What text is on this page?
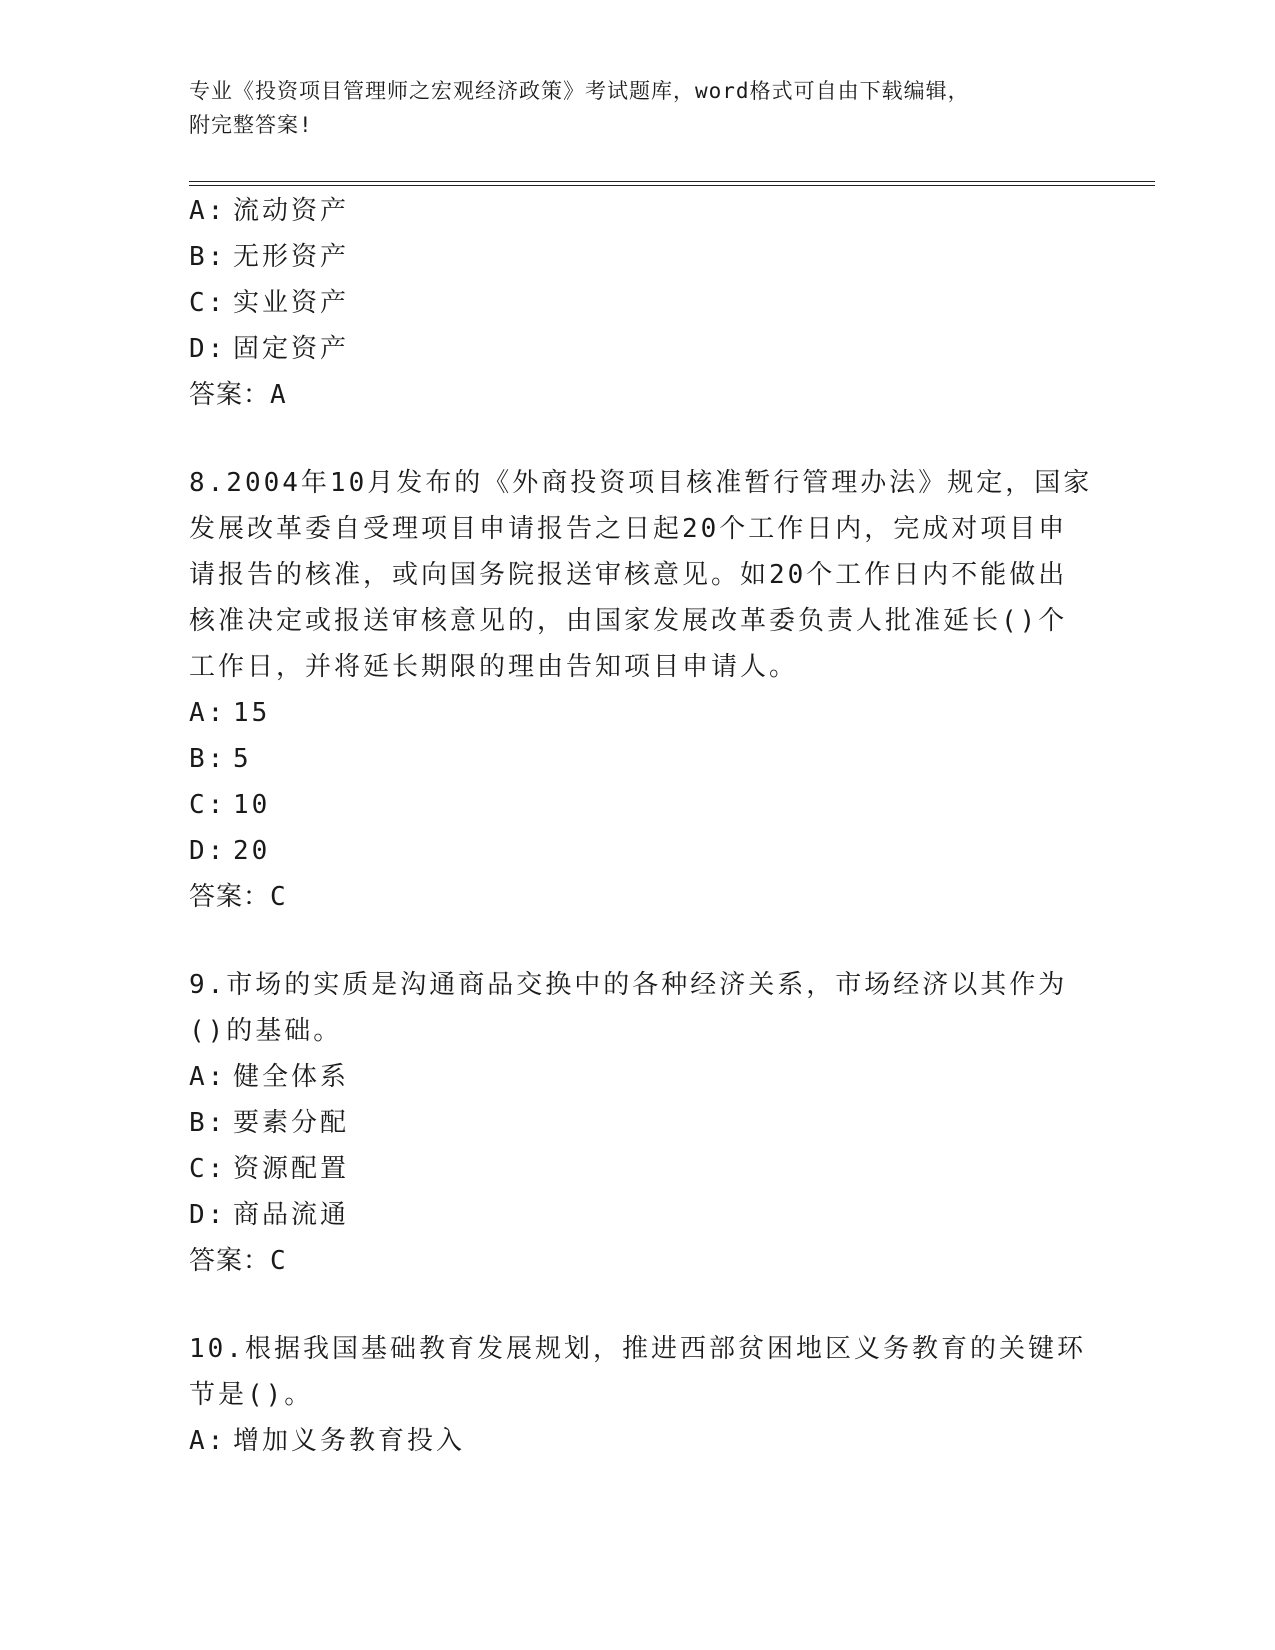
专业《投资项目管理师之宏观经济政策》考试题库，word格式可自由下载编辑，
附完整答案!
A: 流动资产
B: 无形资产
C: 实业资产
D: 固定资产
答案：A
8.2004年10月发布的《外商投资项目核准暂行管理办法》规定，国家
发展改革委自受理项目申请报告之日起20个工作日内，完成对项目申
请报告的核准，或向国务院报送审核意见。如20个工作日内不能做出
核准决定或报送审核意见的，由国家发展改革委负责人批准延长()个
工作日，并将延长期限的理由告知项目申请人。
A: 15
B: 5
C: 10
D: 20
答案：C
9.市场的实质是沟通商品交换中的各种经济关系，市场经济以其作为
()的基础。
A: 健全体系
B: 要素分配
C: 资源配置
D: 商品流通
答案：C
10.根据我国基础教育发展规划，推进西部贫困地区义务教育的关键环
节是()。
A: 增加义务教育投入
